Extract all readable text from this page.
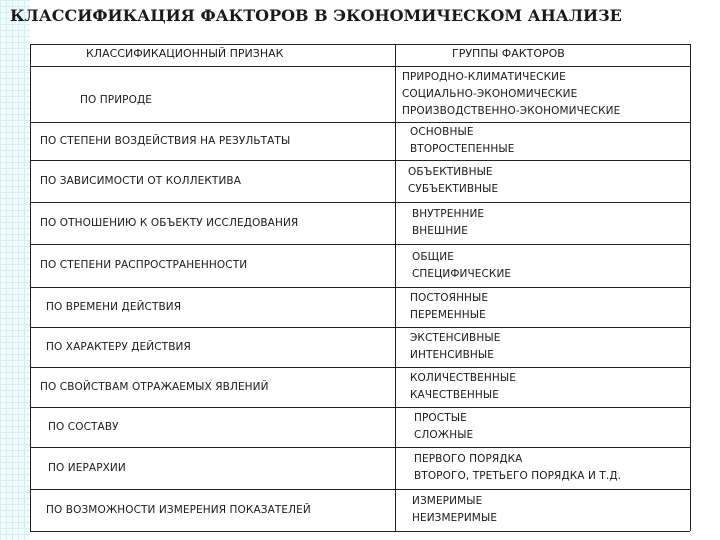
КЛАССИФИКАЦИЯ ФАКТОРОВ В ЭКОНОМИЧЕСКОМ АНАЛИЗЕ
КЛАССИФИКАЦИОННЫЙ ПРИЗНАК	ГРУППЫ ФАКТОРОВ
ПО ПРИРОДЕ
ПРИРОДНО-КЛИМАТИЧЕСКИЕ
СОЦИАЛЬНО-ЭКОНОМИЧЕСКИЕ
ПРОИЗВОДСТВЕННО-ЭКОНОМИЧЕСКИЕ
ПО СТЕПЕНИ ВОЗДЕЙСТВИЯ НА РЕЗУЛЬТАТЫ
ОСНОВНЫЕ
ВТОРОСТЕПЕННЫЕ
ПО ЗАВИСИМОСТИ ОТ КОЛЛЕКТИВА
ОБЪЕКТИВНЫЕ
СУБЪЕКТИВНЫЕ
ПО ОТНОШЕНИЮ К ОБЪЕКТУ ИССЛЕДОВАНИЯ
ВНУТРЕННИЕ
ВНЕШНИЕ
ПО СТЕПЕНИ РАСПРОСТРАНЕННОСТИ
ОБЩИЕ
СПЕЦИФИЧЕСКИЕ
ПО ВРЕМЕНИ ДЕЙСТВИЯ
ПОСТОЯННЫЕ
ПЕРЕМЕННЫЕ
ПО ХАРАКТЕРУ ДЕЙСТВИЯ
ЭКСТЕНСИВНЫЕ
ИНТЕНСИВНЫЕ
ПО СВОЙСТВАМ ОТРАЖАЕМЫХ ЯВЛЕНИЙ
КОЛИЧЕСТВЕННЫЕ
КАЧЕСТВЕННЫЕ
ПО СОСТАВУ
ПРОСТЫЕ
СЛОЖНЫЕ
ПО ИЕРАРХИИ
ПЕРВОГО ПОРЯДКА
ВТОРОГО, ТРЕТЬЕГО ПОРЯДКА И Т.Д.
ПО ВОЗМОЖНОСТИ ИЗМЕРЕНИЯ ПОКАЗАТЕЛЕЙ
ИЗМЕРИМЫЕ
НЕИЗМЕРИМЫЕ
